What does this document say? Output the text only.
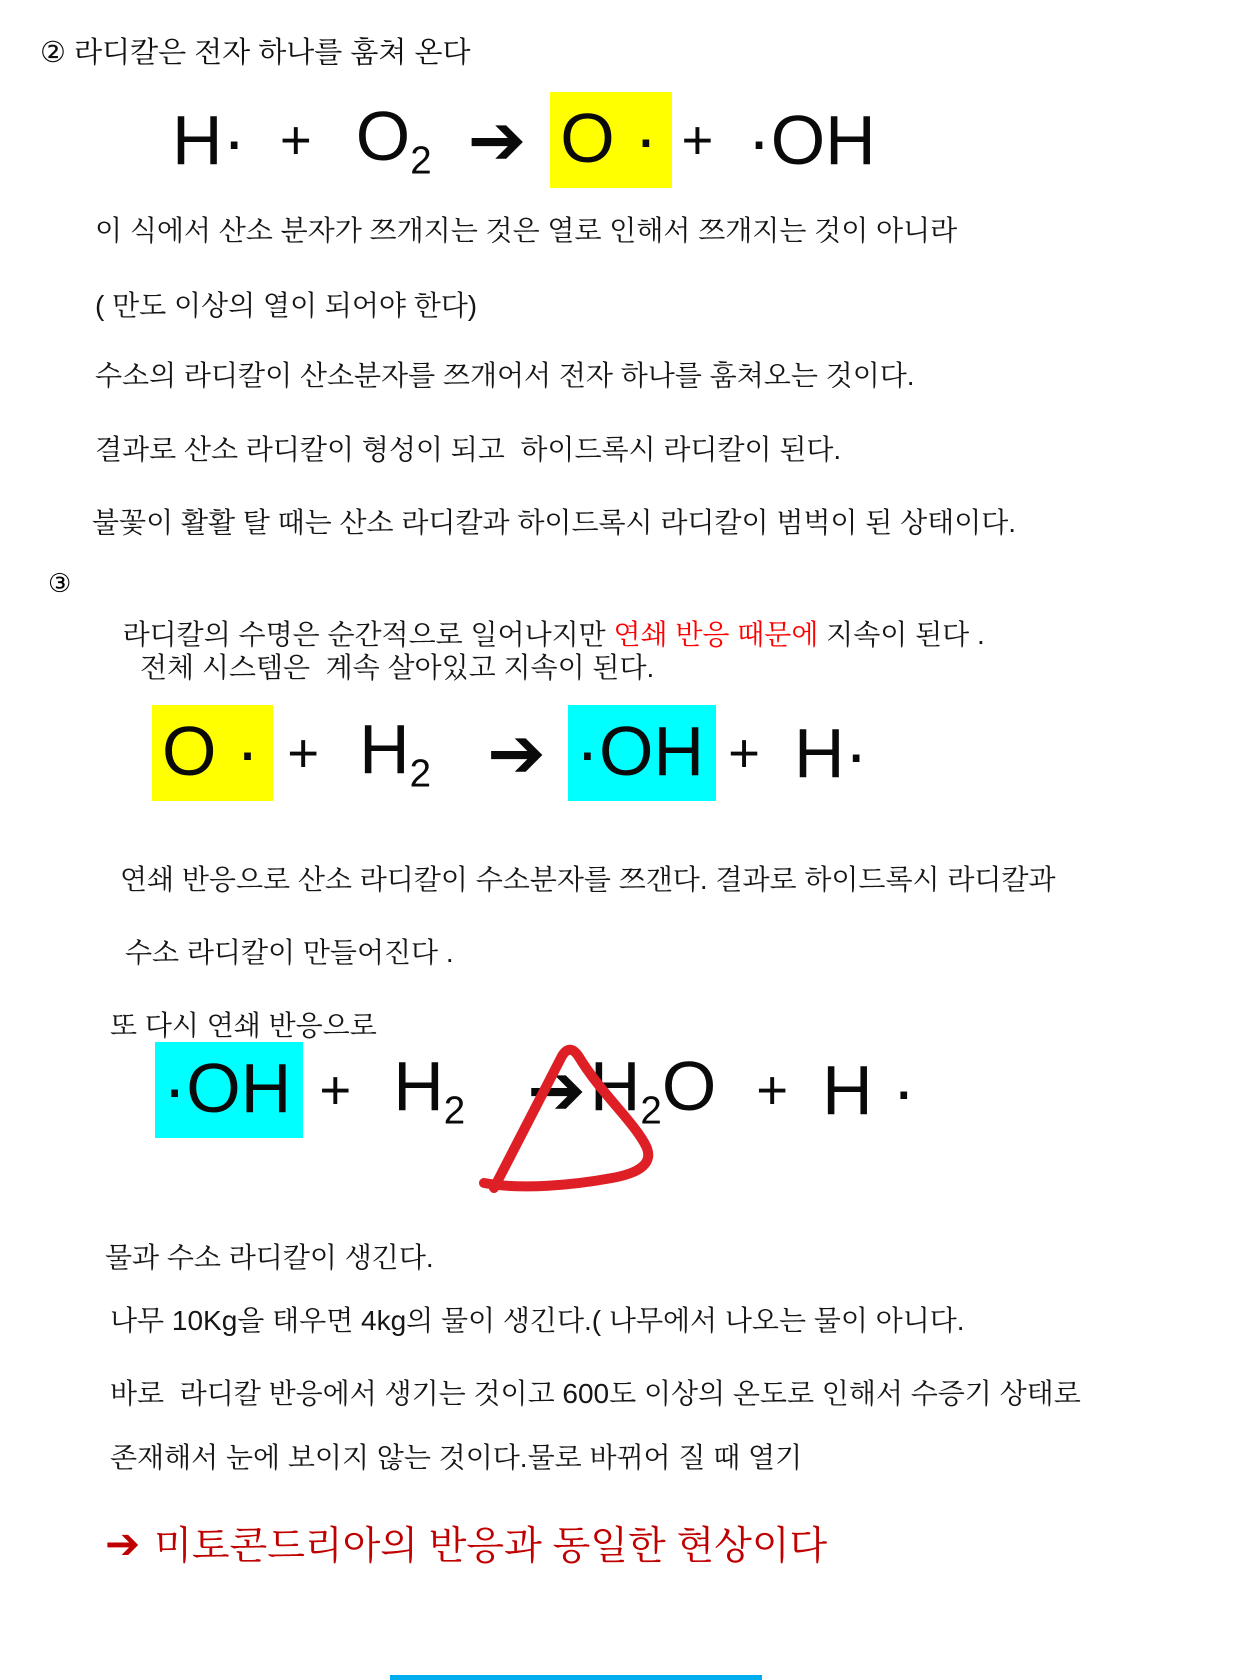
② 라디칼은 전자 하나를 훔쳐 온다
$H\cdot + O_2$ ➔ O · + ·OH
이 식에서 산소 분자가 쯔개지는 것은 열로 인해서 쯔개지는 것이 아니라
( 만도 이상의 열이 되어야 한다)
수소의 라디칼이 산소분자를 쯔개어서 전자 하나를 훔쳐오는 것이다.
결과로 산소 라디칼이 형성이 되고  하이드록시 라디칼이 된다.
불꽃이 활활 탈 때는 산소 라디칼과 하이드록시 라디칼이 범벅이 된 상태이다.
③

라디칼의 수명은 순간적으로 일어나지만 연쇄 반응 때문에 지속이 된다 .

전체 시스템은  계속 살아있고 지속이 된다.
O · + $H_2$ ➔ ·OH + H·
연쇄 반응으로 산소 라디칼이 수소분자를 쯔갠다. 결과로 하이드록시 라디칼과
수소 라디칼이 만들어진다 .
또 다시 연쇄 반응으로
$\cdot OH + H_2$ ➔ $H_2O + H$ ·
물과 수소 라디칼이 생긴다.
나무 10Kg을 태우면 4kg의 물이 생긴다.( 나무에서 나오는 물이 아니다.
바로  라디칼 반응에서 생기는 것이고 600도 이상의 온도로 인해서 수증기 상태로
존재해서 눈에 보이지 않는 것이다.물로 바뀌어 질 때 열기
➔ 미토콘드리아의 반응과 동일한 현상이다
